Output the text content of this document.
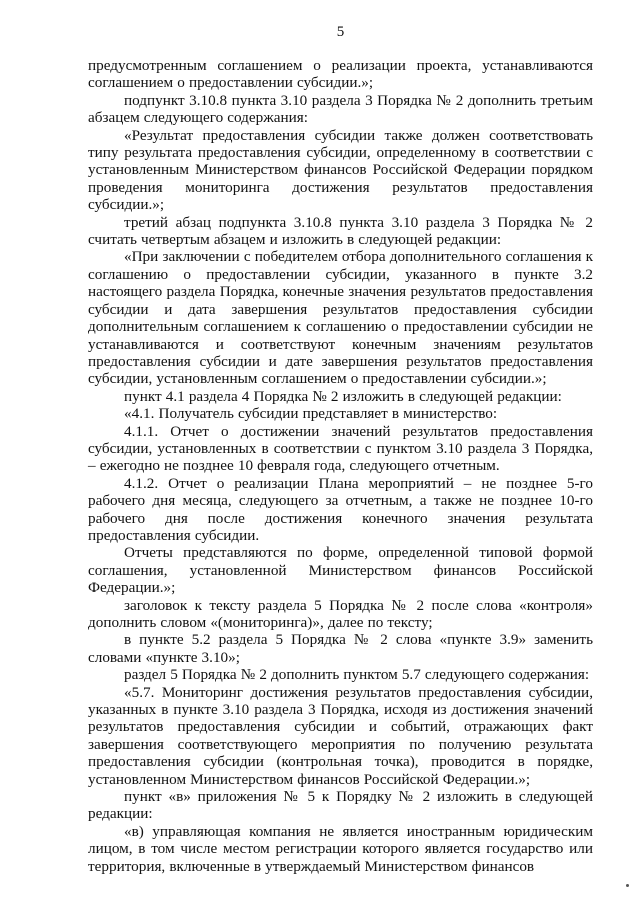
5

предусмотренным соглашением о реализации проекта, устанавливаются соглашением о предоставлении субсидии.»;

подпункт 3.10.8 пункта 3.10 раздела 3 Порядка № 2 дополнить третьим абзацем следующего содержания:

«Результат предоставления субсидии также должен соответствовать типу результата предоставления субсидии, определенному в соответствии с установленным Министерством финансов Российской Федерации порядком проведения мониторинга достижения результатов предоставления субсидии.»;

третий абзац подпункта 3.10.8 пункта 3.10 раздела 3 Порядка № 2 считать четвертым абзацем и изложить в следующей редакции:

«При заключении с победителем отбора дополнительного соглашения к соглашению о предоставлении субсидии, указанного в пункте 3.2 настоящего раздела Порядка, конечные значения результатов предоставления субсидии и дата завершения результатов предоставления субсидии дополнительным соглашением к соглашению о предоставлении субсидии не устанавливаются и соответствуют конечным значениям результатов предоставления субсидии и дате завершения результатов предоставления субсидии, установленным соглашением о предоставлении субсидии.»;

пункт 4.1 раздела 4 Порядка № 2 изложить в следующей редакции:

«4.1. Получатель субсидии представляет в министерство:

4.1.1. Отчет о достижении значений результатов предоставления субсидии, установленных в соответствии с пунктом 3.10 раздела 3 Порядка, – ежегодно не позднее 10 февраля года, следующего отчетным.

4.1.2. Отчет о реализации Плана мероприятий – не позднее 5-го рабочего дня месяца, следующего за отчетным, а также не позднее 10-го рабочего дня после достижения конечного значения результата предоставления субсидии.

Отчеты представляются по форме, определенной типовой формой соглашения, установленной Министерством финансов Российской Федерации.»;

заголовок к тексту раздела 5 Порядка № 2 после слова «контроля» дополнить словом «(мониторинга)», далее по тексту;

в пункте 5.2 раздела 5 Порядка № 2 слова «пункте 3.9» заменить словами «пункте 3.10»;

раздел 5 Порядка № 2 дополнить пунктом 5.7 следующего содержания:

«5.7. Мониторинг достижения результатов предоставления субсидии, указанных в пункте 3.10 раздела 3 Порядка, исходя из достижения значений результатов предоставления субсидии и событий, отражающих факт завершения соответствующего мероприятия по получению результата предоставления субсидии (контрольная точка), проводится в порядке, установленном Министерством финансов Российской Федерации.»;

пункт «в» приложения № 5 к Порядку № 2 изложить в следующей редакции:

«в) управляющая компания не является иностранным юридическим лицом, в том числе местом регистрации которого является государство или территория, включенные в утверждаемый Министерством финансов
